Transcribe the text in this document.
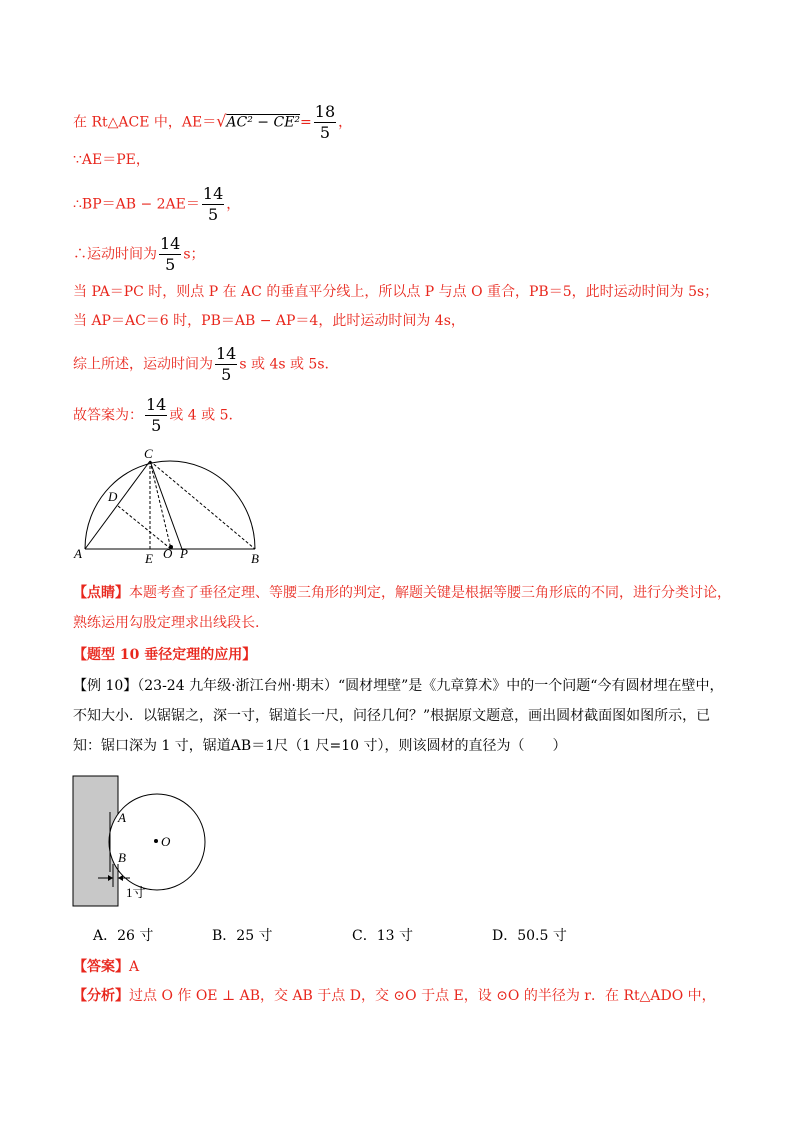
在 Rt△ACE 中，$AE=√AC^2 - CE^2= \frac{18}{5}$ ，
∵AE＝PE，
∴BP＝AB − $2AE= \frac{14}{5}$ ，
∴运动时间为 $\frac{14}{5}$ s；
当 PA＝PC 时，则点 P 在 AC 的垂直平分线上，所以点 P 与点 O 重合，PB＝5，此时运动时间为 5s；
当 AP＝AC＝6 时，PB＝AB − AP＝4，此时运动时间为 4s，
综上所述，运动时间为 $\frac{14}{5}$ s 或 4s 或 5s.
故答案为： $\frac{14}{5}$ 或 4 或 5.
C
D
A	E O P	B
【点睛】本题考查了垂径定理、等腰三角形的判定，解题关键是根据等腰三角形底的不同，进行分类讨论，熟练运用勾股定理求出线段长.
【题型 10 垂径定理的应用】
【例 10】（23-24 九年级·浙江台州·期末）“圆材埋壁”是《九章算术》中的一个问题“今有圆材埋在壁中，不知大小．以锯锯之，深一寸，锯道长一尺，问径几何？”根据原文题意，画出圆材截面图如图所示，已知：锯口深为 1 寸，锯道AB＝1尺（1 尺=10 寸），则该圆材的直径为（　　）
A
O
B
1寸
A．26 寸	B．25 寸	C．13 寸	D．50.5 寸
【答案】A
【分析】过点 O 作 OE ⊥ AB，交 AB 于点 D，交 ⊙O 于点 E，设 ⊙O 的半径为 r．在 Rt△ADO 中，
